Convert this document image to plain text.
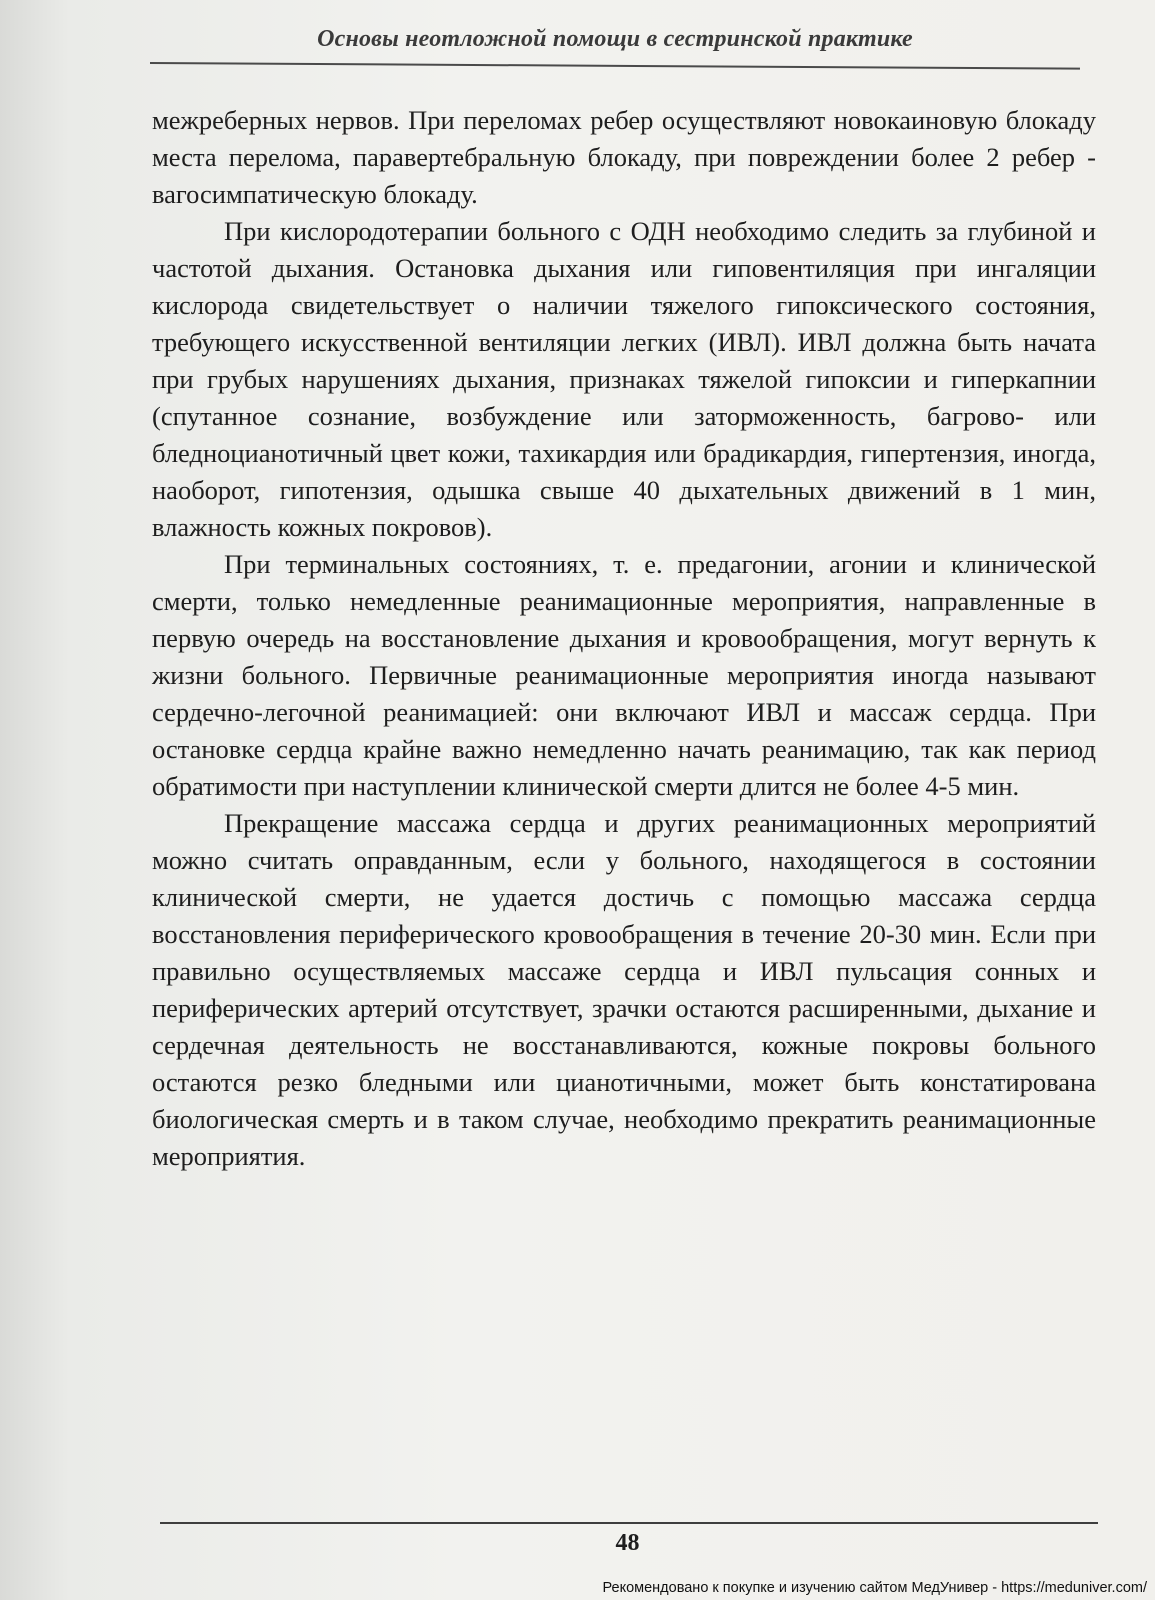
Основы неотложной помощи в сестринской практике

межреберных нервов. При переломах ребер осуществляют новокаиновую блокаду места перелома, паравертебральную блокаду, при повреждении более 2 ребер - вагосимпатическую блокаду.

При кислородотерапии больного с ОДН необходимо следить за глубиной и частотой дыхания. Остановка дыхания или гиповентиляция при ингаляции кислорода свидетельствует о наличии тяжелого гипоксического состояния, требующего искусственной вентиляции легких (ИВЛ). ИВЛ должна быть начата при грубых нарушениях дыхания, признаках тяжелой гипоксии и гиперкапнии (спутанное сознание, возбуждение или заторможенность, багрово- или бледноцианотичный цвет кожи, тахикардия или брадикардия, гипертензия, иногда, наоборот, гипотензия, одышка свыше 40 дыхательных движений в 1 мин, влажность кожных покровов).

При терминальных состояниях, т. е. предагонии, агонии и клинической смерти, только немедленные реанимационные мероприятия, направленные в первую очередь на восстановление дыхания и кровообращения, могут вернуть к жизни больного. Первичные реанимационные мероприятия иногда называют сердечно-легочной реанимацией: они включают ИВЛ и массаж сердца. При остановке сердца крайне важно немедленно начать реанимацию, так как период обратимости при наступлении клинической смерти длится не более 4-5 мин.

Прекращение массажа сердца и других реанимационных мероприятий можно считать оправданным, если у больного, находящегося в состоянии клинической смерти, не удается достичь с помощью массажа сердца восстановления периферического кровообращения в течение 20-30 мин. Если при правильно осуществляемых массаже сердца и ИВЛ пульсация сонных и периферических артерий отсутствует, зрачки остаются расширенными, дыхание и сердечная деятельность не восстанавливаются, кожные покровы больного остаются резко бледными или цианотичными, может быть констатирована биологическая смерть и в таком случае, необходимо прекратить реанимационные мероприятия.

48
Рекомендовано к покупке и изучению сайтом МедУнивер - https://meduniver.com/
